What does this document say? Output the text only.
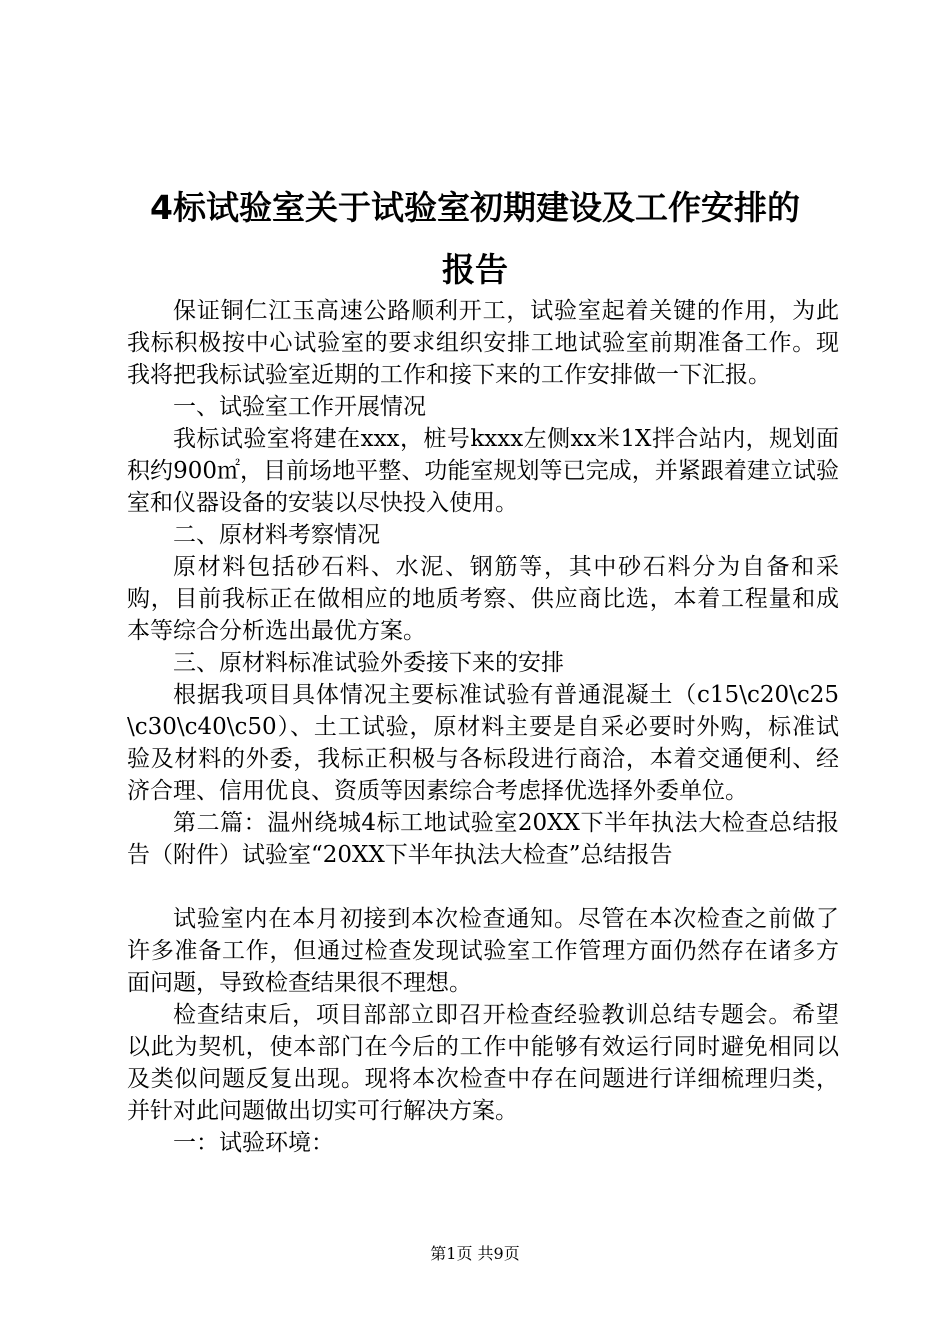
4标试验室关于试验室初期建设及工作安排的
报告

保证铜仁江玉高速公路顺利开工，试验室起着关键的作用，为此我标积极按中心试验室的要求组织安排工地试验室前期准备工作。现我将把我标试验室近期的工作和接下来的工作安排做一下汇报。

一、试验室工作开展情况

我标试验室将建在xxx，桩号kxxx左侧xx米1X拌合站内，规划面积约900㎡，目前场地平整、功能室规划等已完成，并紧跟着建立试验室和仪器设备的安装以尽快投入使用。

二、原材料考察情况

原材料包括砂石料、水泥、钢筋等，其中砂石料分为自备和采购，目前我标正在做相应的地质考察、供应商比选，本着工程量和成本等综合分析选出最优方案。

三、原材料标准试验外委接下来的安排

根据我项目具体情况主要标准试验有普通混凝土（c15\c20\c25\c30\c40\c50）、土工试验，原材料主要是自采必要时外购，标准试验及材料的外委，我标正积极与各标段进行商洽，本着交通便利、经济合理、信用优良、资质等因素综合考虑择优选择外委单位。

第二篇：温州绕城4标工地试验室20XX下半年执法大检查总结报告（附件）试验室“20XX下半年执法大检查”总结报告

试验室内在本月初接到本次检查通知。尽管在本次检查之前做了许多准备工作，但通过检查发现试验室工作管理方面仍然存在诸多方面问题，导致检查结果很不理想。

检查结束后，项目部部立即召开检查经验教训总结专题会。希望以此为契机，使本部门在今后的工作中能够有效运行同时避免相同以及类似问题反复出现。现将本次检查中存在问题进行详细梳理归类，并针对此问题做出切实可行解决方案。

一：试验环境：

第1页 共9页
